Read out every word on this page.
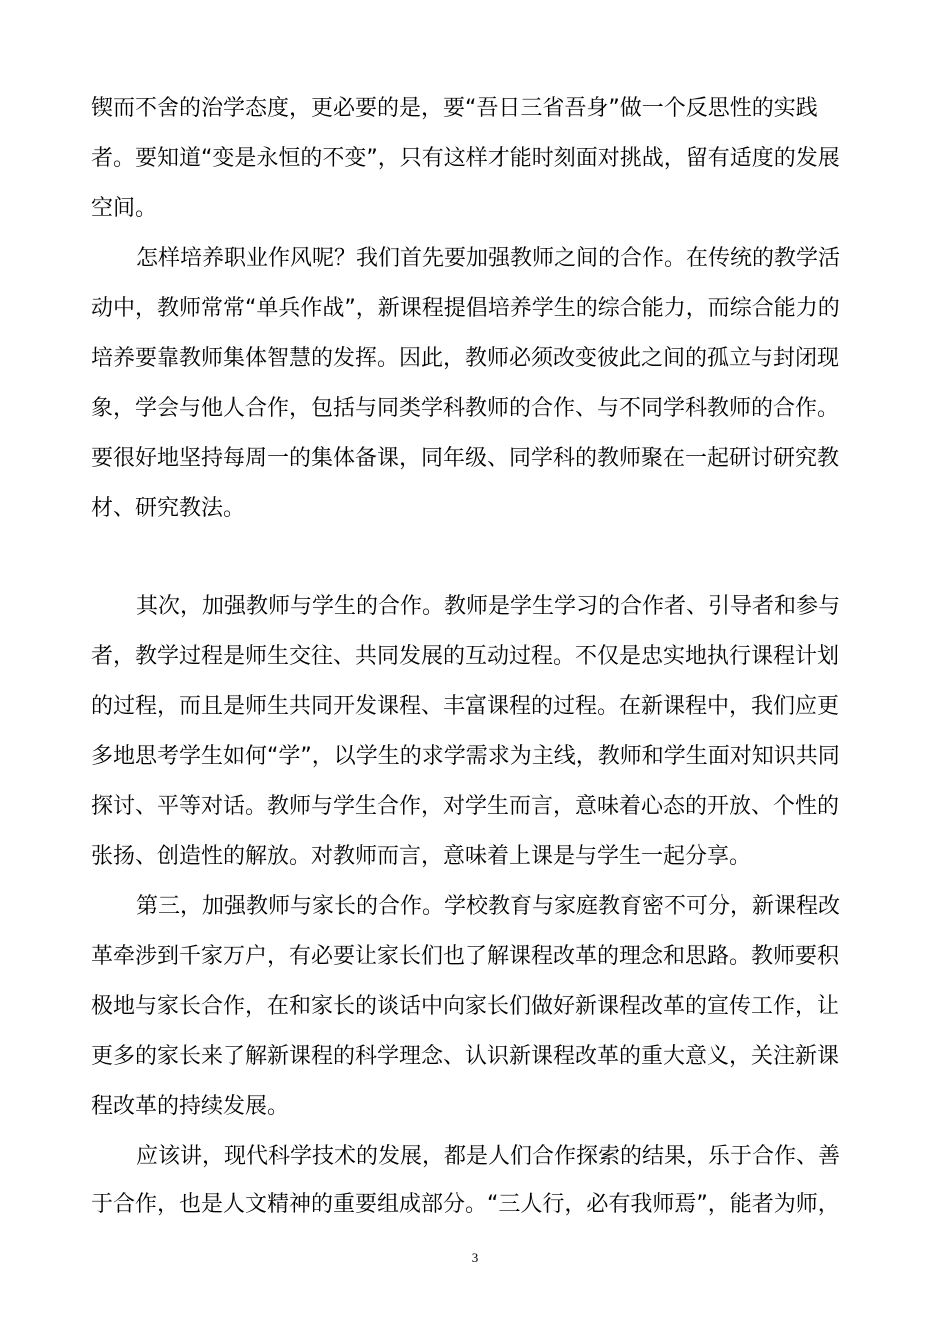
锲而不舍的治学态度，更必要的是，要“吾日三省吾身”做一个反思性的实践
者。要知道“变是永恒的不变”，只有这样才能时刻面对挑战，留有适度的发展
空间。
怎样培养职业作风呢？我们首先要加强教师之间的合作。在传统的教学活
动中，教师常常“单兵作战”，新课程提倡培养学生的综合能力，而综合能力的
培养要靠教师集体智慧的发挥。因此，教师必须改变彼此之间的孤立与封闭现
象，学会与他人合作，包括与同类学科教师的合作、与不同学科教师的合作。
要很好地坚持每周一的集体备课，同年级、同学科的教师聚在一起研讨研究教
材、研究教法。
其次，加强教师与学生的合作。教师是学生学习的合作者、引导者和参与
者，教学过程是师生交往、共同发展的互动过程。不仅是忠实地执行课程计划
的过程，而且是师生共同开发课程、丰富课程的过程。在新课程中，我们应更
多地思考学生如何“学”，以学生的求学需求为主线，教师和学生面对知识共同
探讨、平等对话。教师与学生合作，对学生而言，意味着心态的开放、个性的
张扬、创造性的解放。对教师而言，意味着上课是与学生一起分享。
第三，加强教师与家长的合作。学校教育与家庭教育密不可分，新课程改
革牵涉到千家万户，有必要让家长们也了解课程改革的理念和思路。教师要积
极地与家长合作，在和家长的谈话中向家长们做好新课程改革的宣传工作，让
更多的家长来了解新课程的科学理念、认识新课程改革的重大意义，关注新课
程改革的持续发展。
应该讲，现代科学技术的发展，都是人们合作探索的结果，乐于合作、善
于合作，也是人文精神的重要组成部分。“三人行，必有我师焉”，能者为师，
3
